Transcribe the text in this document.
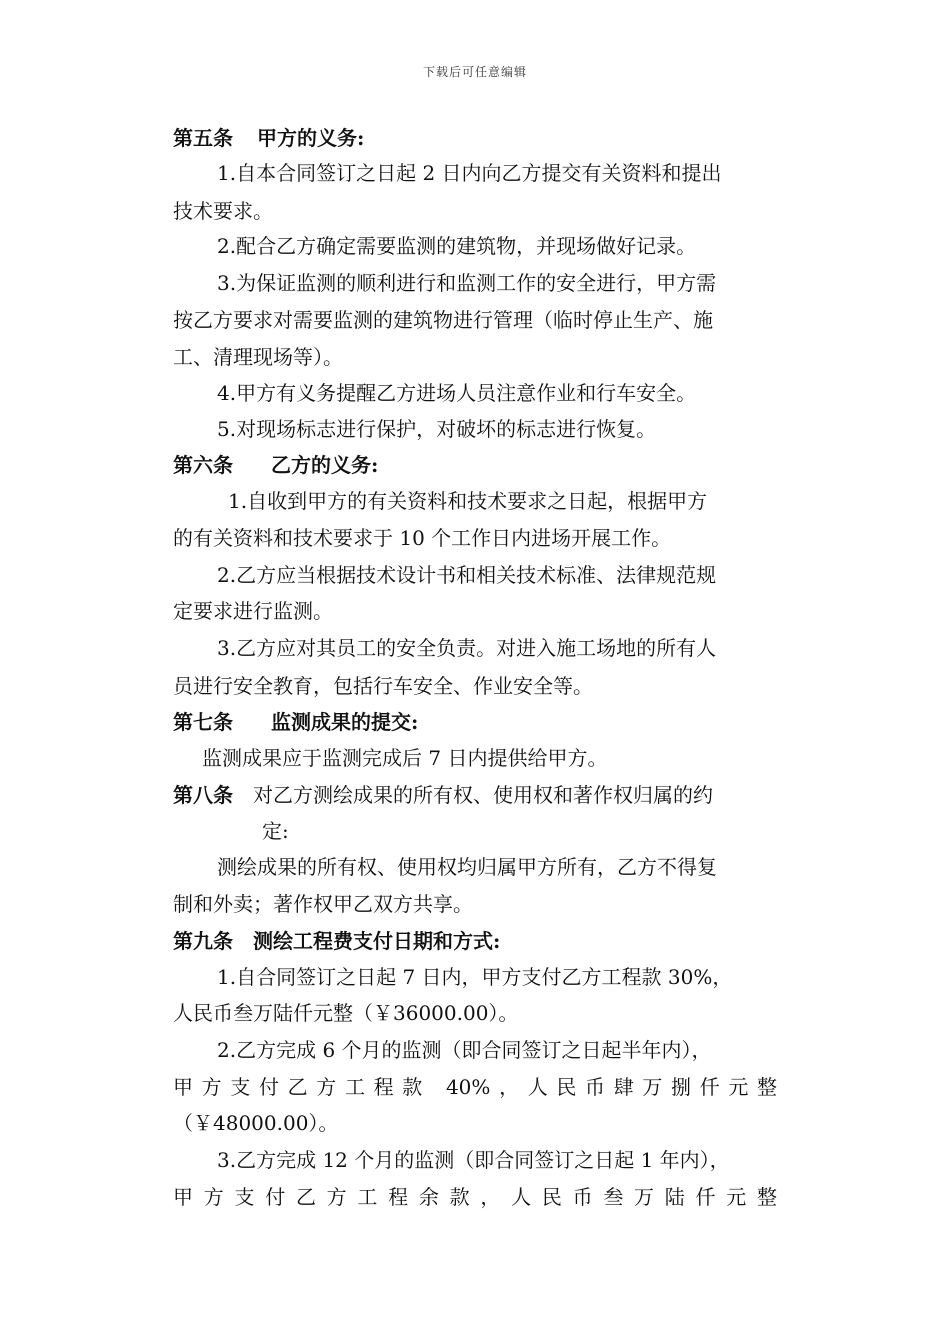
下载后可任意编辑
第五条 甲方的义务:
1.自本合同签订之日起 2 日内向乙方提交有关资料和提出
技术要求。
2.配合乙方确定需要监测的建筑物，并现场做好记录。
3.为保证监测的顺利进行和监测工作的安全进行，甲方需
按乙方要求对需要监测的建筑物进行管理（临时停止生产、施
工、清理现场等）。
4.甲方有义务提醒乙方进场人员注意作业和行车安全。
5.对现场标志进行保护，对破坏的标志进行恢复。
第六条 乙方的义务:
1.自收到甲方的有关资料和技术要求之日起，根据甲方
的有关资料和技术要求于 10 个工作日内进场开展工作。
2.乙方应当根据技术设计书和相关技术标准、法律规范规
定要求进行监测。
3.乙方应对其员工的安全负责。对进入施工场地的所有人
员进行安全教育，包括行车安全、作业安全等。
第七条 监测成果的提交:
监测成果应于监测完成后 7 日内提供给甲方。
第八条 对乙方测绘成果的所有权、使用权和著作权归属的约
定:
测绘成果的所有权、使用权均归属甲方所有，乙方不得复
制和外卖；著作权甲乙双方共享。
第九条 测绘工程费支付日期和方式:
1.自合同签订之日起 7 日内，甲方支付乙方工程款 30%，
人民币叁万陆仟元整（￥36000.00）。
2.乙方完成 6 个月的监测（即合同签订之日起半年内），
甲方支付乙方工程款 40%，人民币肆万捌仟元整
（￥48000.00）。
3.乙方完成 12 个月的监测（即合同签订之日起 1 年内），
甲方支付乙方工程余款，人民币叁万陆仟元整
